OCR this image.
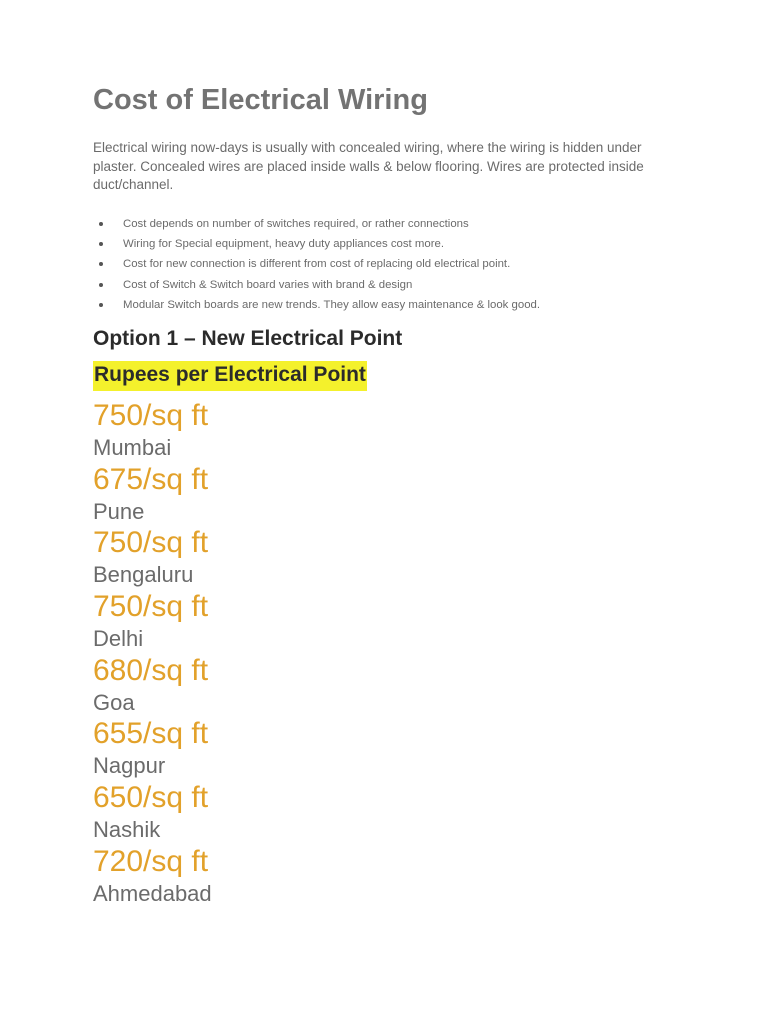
Cost of Electrical Wiring

Electrical wiring now-days is usually with concealed wiring, where the wiring is hidden under plaster. Concealed wires are placed inside walls & below flooring. Wires are protected inside duct/channel.

Cost depends on number of switches required, or rather connections
Wiring for Special equipment, heavy duty appliances cost more.
Cost for new connection is different from cost of replacing old electrical point.
Cost of Switch & Switch board varies with brand & design
Modular Switch boards are new trends. They allow easy maintenance & look good.
Option 1 – New Electrical Point
Rupees per Electrical Point
750/sq ft
Mumbai
675/sq ft
Pune
750/sq ft
Bengaluru
750/sq ft
Delhi
680/sq ft
Goa
655/sq ft
Nagpur
650/sq ft
Nashik
720/sq ft
Ahmedabad
